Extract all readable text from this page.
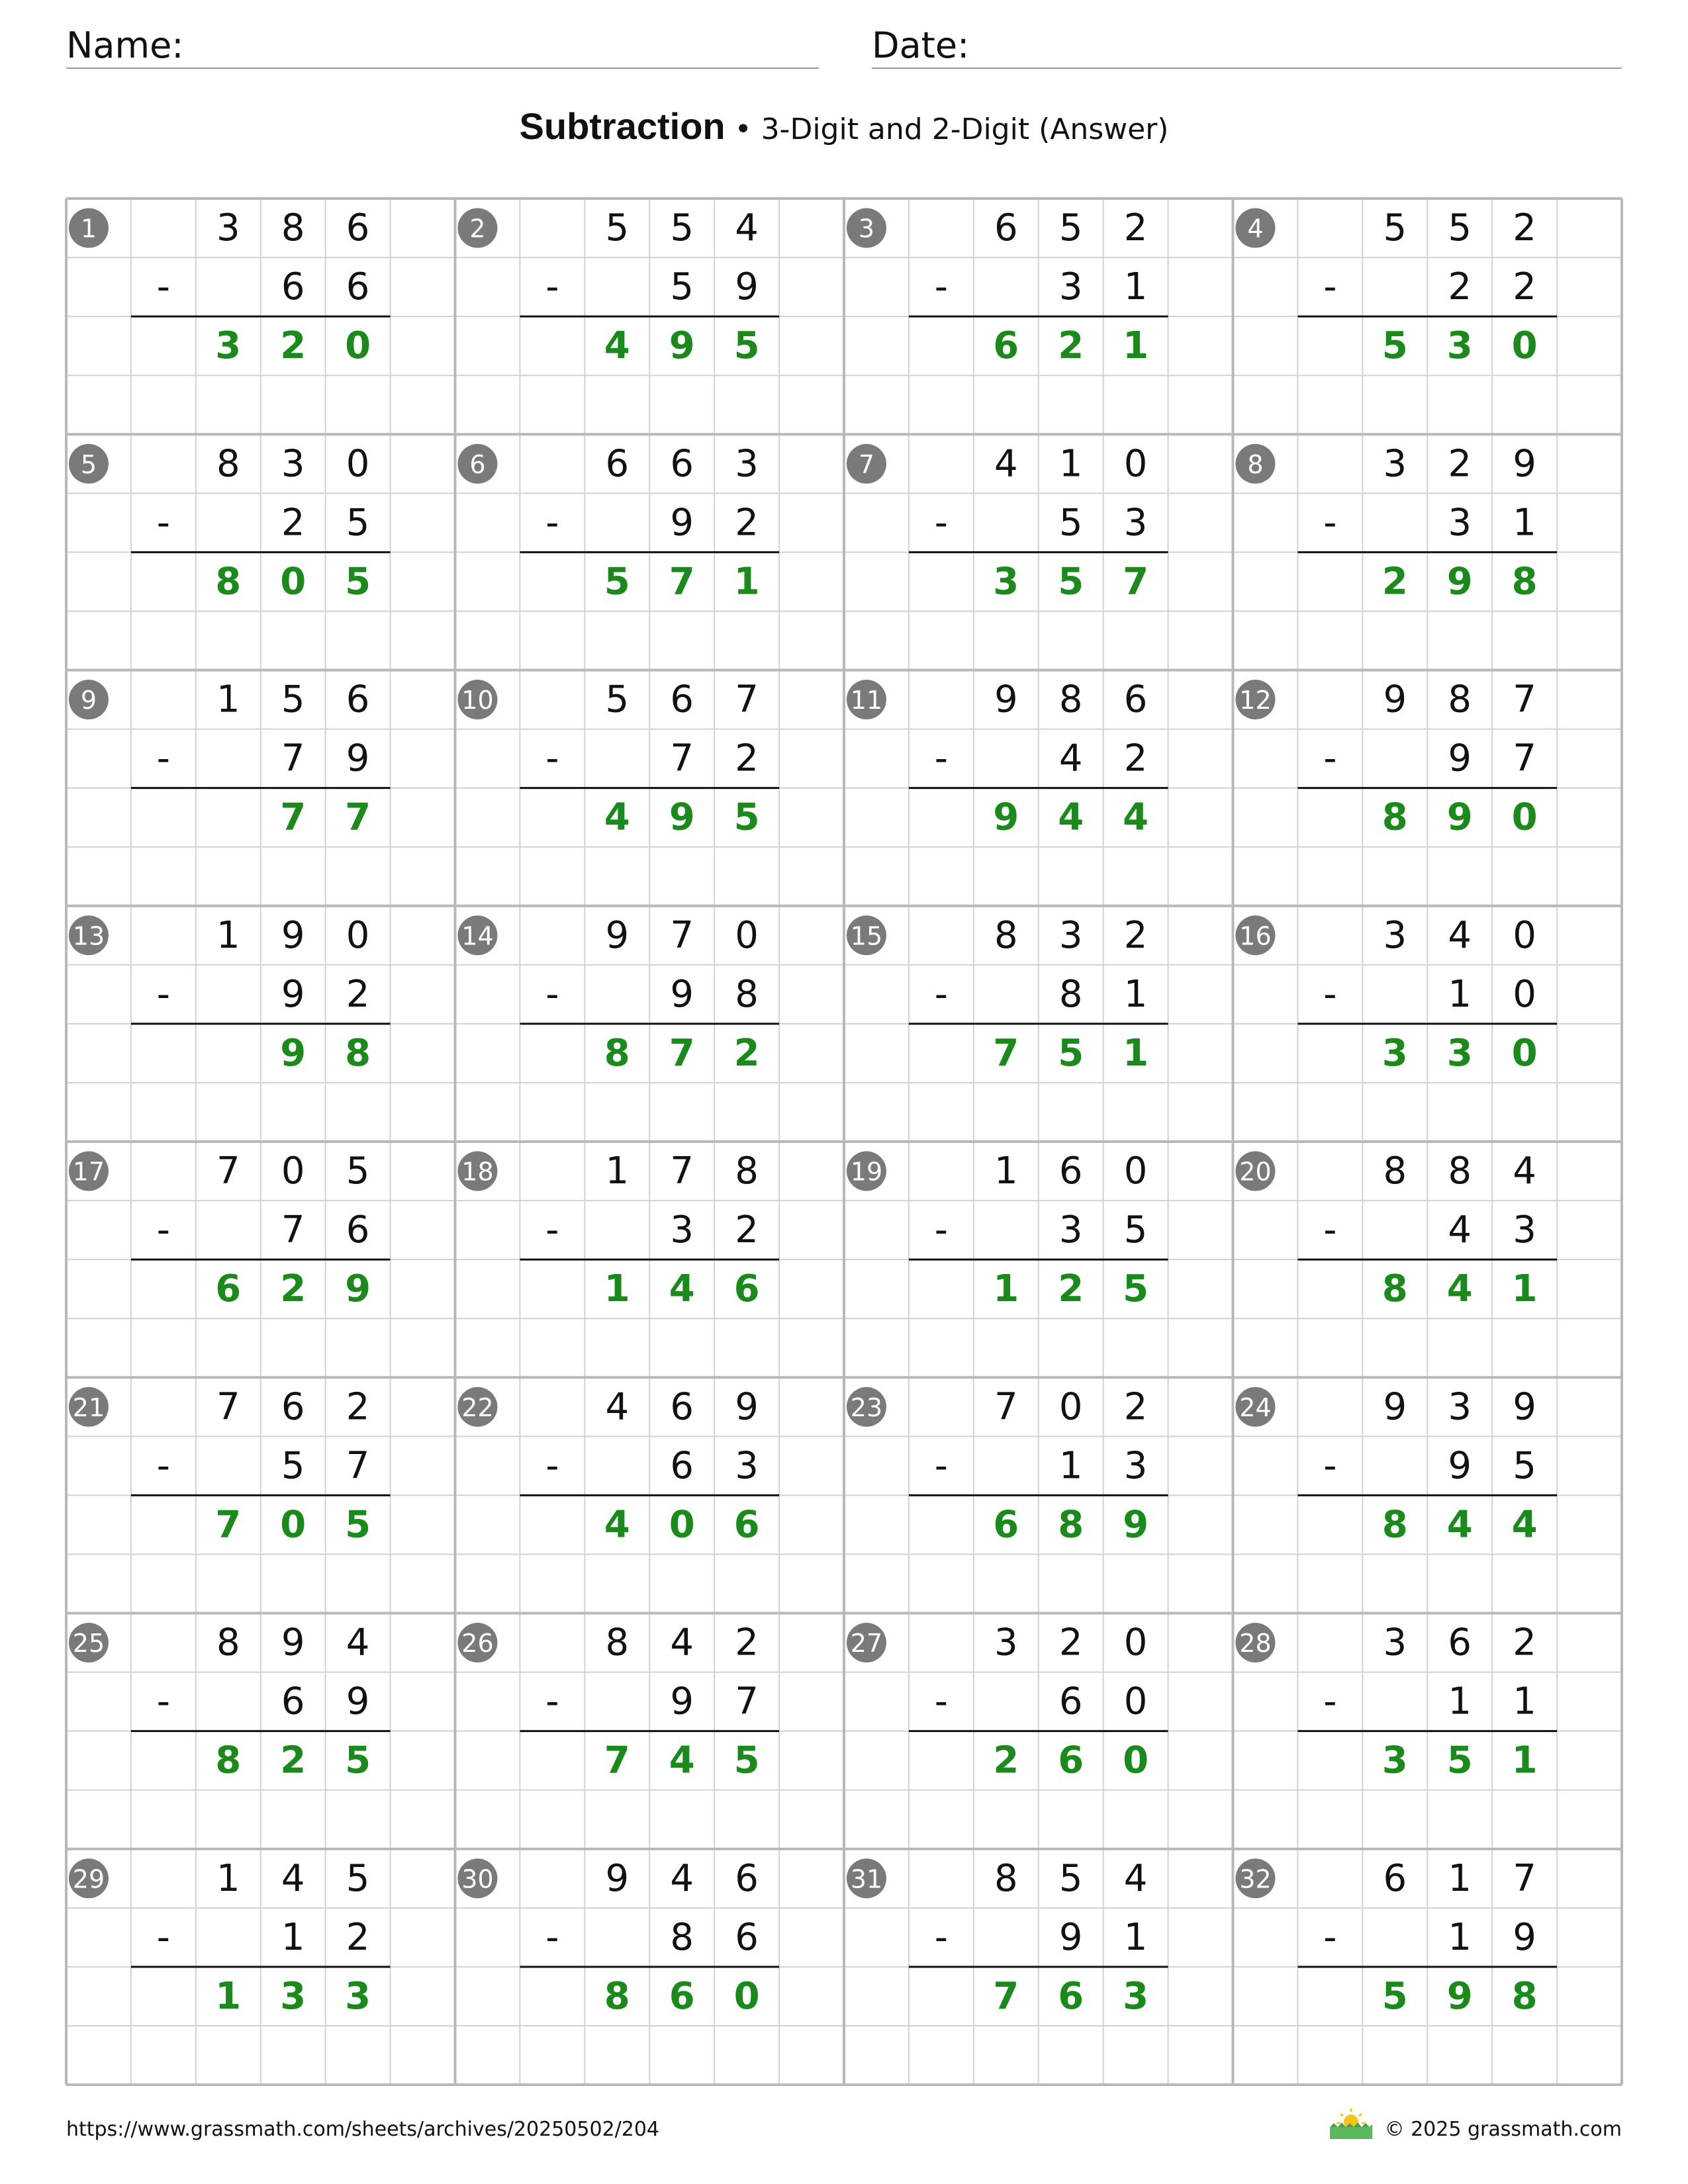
Name:	Date:
Subtraction • 3-Digit and 2-Digit (Answer)
1	3 8 6
-	6 6
3 2 0
2	5 5 4
-	5 9
4 9 5
3	6 5 2
-	3 1
6 2 1
4	5 5 2
-	2 2
5 3 0
5	8 3 0
-	2 5
8 0 5
6	6 6 3
-	9 2
5 7 1
7	4 1 0
-	5 3
3 5 7
8	3 2 9
-	3 1
2 9 8
9	1 5 6
-	7 9
7 7
10	5 6 7
-	7 2
4 9 5
11	9 8 6
-	4 2
9 4 4
12	9 8 7
-	9 7
8 9 0
13	1 9 0
-	9 2
9 8
14	9 7 0
-	9 8
8 7 2
15	8 3 2
-	8 1
7 5 1
16	3 4 0
-	1 0
3 3 0
17	7 0 5
-	7 6
6 2 9
18	1 7 8
-	3 2
1 4 6
19	1 6 0
-	3 5
1 2 5
20	8 8 4
-	4 3
8 4 1
21	7 6 2
-	5 7
7 0 5
22	4 6 9
-	6 3
4 0 6
23	7 0 2
-	1 3
6 8 9
24	9 3 9
-	9 5
8 4 4
25	8 9 4
-	6 9
8 2 5
26	8 4 2
-	9 7
7 4 5
27	3 2 0
-	6 0
2 6 0
28	3 6 2
-	1 1
3 5 1
29	1 4 5
-	1 2
1 3 3
30	9 4 6
-	8 6
8 6 0
31	8 5 4
-	9 1
7 6 3
32	6 1 7
-	1 9
5 9 8
https://www.grassmath.com/sheets/archives/20250502/204	© 2025 grassmath.com
